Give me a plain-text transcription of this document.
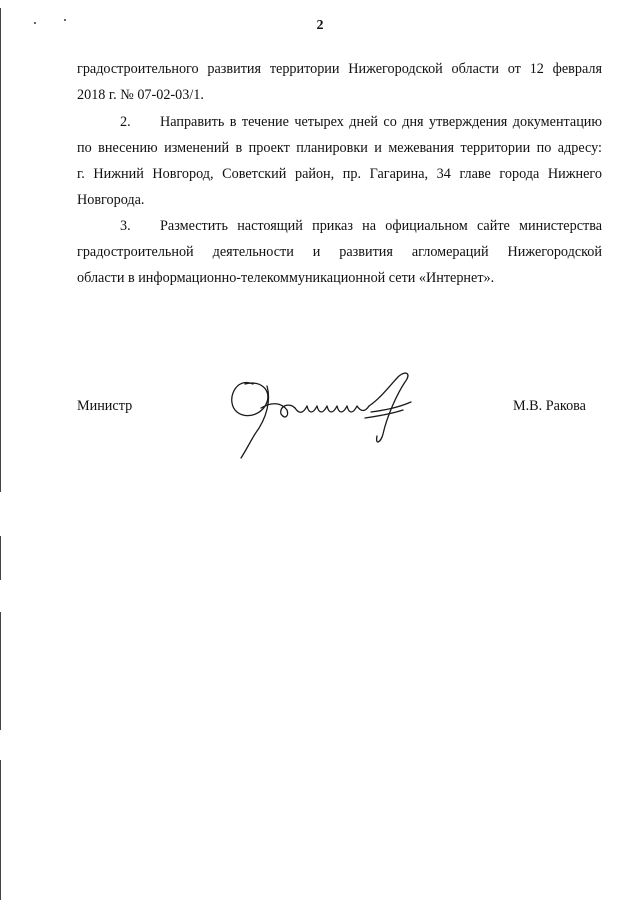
2
градостроительного развития территории Нижегородской области от 12 февраля
2018 г. № 07-02-03/1.
2. Направить в течение четырех дней со дня утверждения документацию
по внесению изменений в проект планировки и межевания территории по адресу:
г. Нижний Новгород, Советский район, пр. Гагарина, 34 главе города Нижнего
Новгорода.
3. Разместить настоящий приказ на официальном сайте министерства
градостроительной деятельности и развития агломераций Нижегородской
области в информационно-телекоммуникационной сети «Интернет».
Министр	М.В. Ракова
